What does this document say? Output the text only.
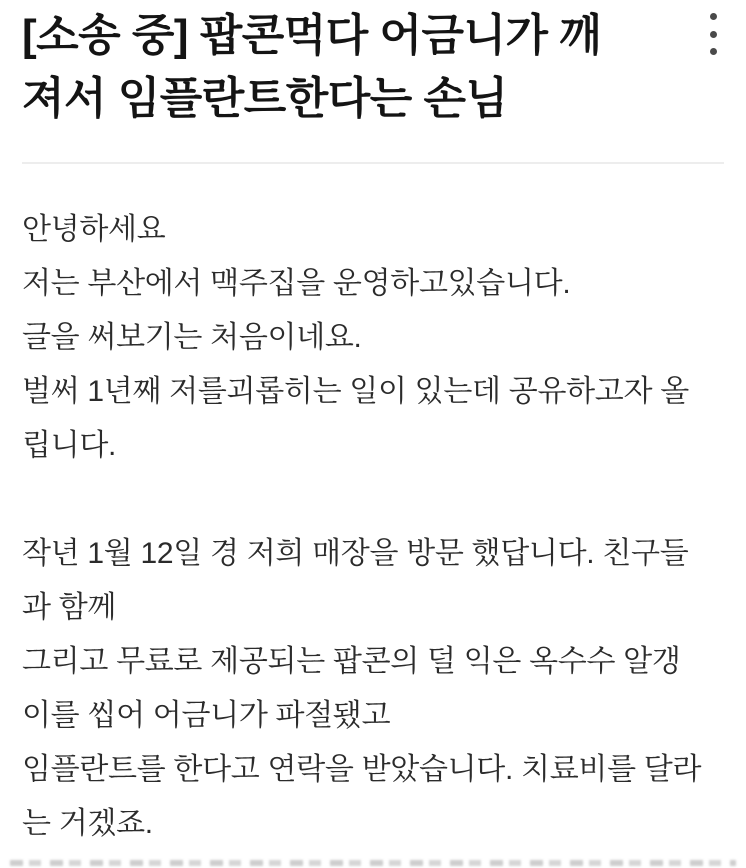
[소송 중] 팝콘먹다 어금니가 깨
져서 임플란트한다는 손님
안녕하세요
저는 부산에서 맥주집을 운영하고있습니다.
글을 써보기는 처음이네요.
벌써 1년째 저를괴롭히는 일이 있는데 공유하고자 올
립니다.
작년 1월 12일 경 저희 매장을 방문 했답니다. 친구들
과 함께
그리고 무료로 제공되는 팝콘의 덜 익은 옥수수 알갱
이를 씹어 어금니가 파절됐고
임플란트를 한다고 연락을 받았습니다. 치료비를 달라
는 거겠죠.
